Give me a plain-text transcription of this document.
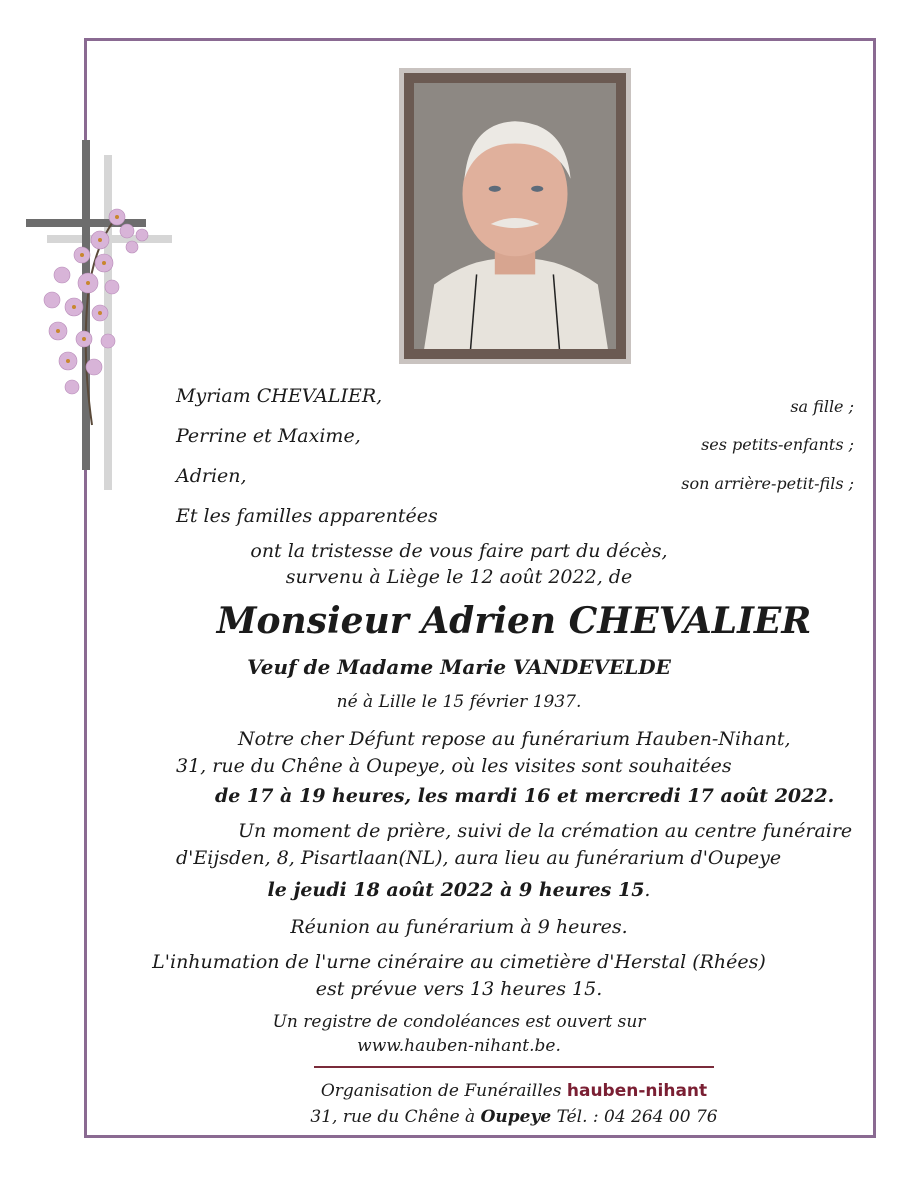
Myriam CHEVALIER,
Perrine et Maxime,
Adrien,
Et les familles apparentées
sa fille ;
ses petits-enfants ;
son arrière-petit-fils ;
ont la tristesse de vous faire part du décès,
survenu à Liège le 12 août 2022, de
Monsieur Adrien CHEVALIER
Veuf de Madame Marie VANDEVELDE
né à Lille le 15 février 1937.
Notre cher Défunt repose au funérarium Hauben-Nihant,
31, rue du Chêne à Oupeye, où les visites sont souhaitées
de 17 à 19 heures, les mardi 16 et mercredi 17 août 2022.
Un moment de prière, suivi de la crémation au centre funéraire
d'Eijsden, 8, Pisartlaan(NL), aura lieu au funérarium d'Oupeye
le jeudi 18 août 2022 à 9 heures 15.
Réunion au funérarium à 9 heures.
L'inhumation de l'urne cinéraire au cimetière d'Herstal (Rhées)
est prévue vers 13 heures 15.
Un registre de condoléances est ouvert sur
www.hauben-nihant.be.
Organisation de Funérailles hauben-nihant
31, rue du Chêne à Oupeye Tél. : 04 264 00 76
